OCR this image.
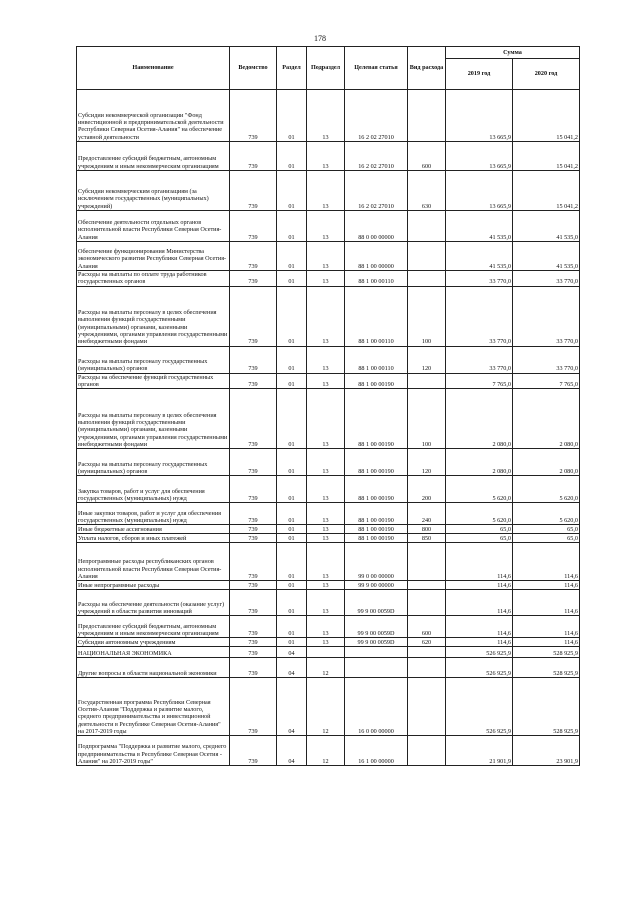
178
Наименование	Ведомство	Раздел	Подраздел	Целевая статья	Вид расхода	Сумма	
						2019 год	2020 год
Субсидии некоммерческой организации "Фонд инвестиционной и предпринимательской деятельности Республики Северная Осетия-Алания" на обеспечение уставной деятельности	739	01	13	16 2 02 27010		13 665,9	15 041,2
Предоставление субсидий бюджетным, автономным учреждениям и иным некоммерческим организациям	739	01	13	16 2 02 27010	600	13 665,9	15 041,2
Субсидии некоммерческим организациям (за исключением государственных (муниципальных) учреждений)	739	01	13	16 2 02 27010	630	13 665,9	15 041,2
Обеспечение деятельности отдельных органов исполнительной власти Республики Северная Осетия-Алания	739	01	13	88 0 00 00000		41 535,0	41 535,0
Обеспечение функционирования Министерства экономического развития Республики Северная Осетия-Алания	739	01	13	88 1 00 00000		41 535,0	41 535,0
Расходы на выплаты по оплате труда работников государственных органов	739	01	13	88 1 00 00110		33 770,0	33 770,0
Расходы на выплаты персоналу в целях обеспечения выполнения функций государственными (муниципальными) органами, казенными учреждениями, органами управления государственными внебюджетными фондами	739	01	13	88 1 00 00110	100	33 770,0	33 770,0
Расходы на выплаты персоналу государственных (муниципальных) органов	739	01	13	88 1 00 00110	120	33 770,0	33 770,0
Расходы на обеспечение функций государственных органов	739	01	13	88 1 00 00190		7 765,0	7 765,0
Расходы на выплаты персоналу в целях обеспечения выполнения функций государственными (муниципальными) органами, казенными учреждениями, органами управления государственными внебюджетными фондами	739	01	13	88 1 00 00190	100	2 080,0	2 080,0
Расходы на выплаты персоналу государственных (муниципальных) органов	739	01	13	88 1 00 00190	120	2 080,0	2 080,0
Закупка товаров, работ и услуг для обеспечения государственных (муниципальных) нужд	739	01	13	88 1 00 00190	200	5 620,0	5 620,0
Иные закупки товаров, работ и услуг для обеспечения государственных (муниципальных) нужд	739	01	13	88 1 00 00190	240	5 620,0	5 620,0
Иные бюджетные ассигнования	739	01	13	88 1 00 00190	800	65,0	65,0
Уплата налогов, сборов и иных платежей	739	01	13	88 1 00 00190	850	65,0	65,0
Непрограммные расходы республиканских органов исполнительной власти Республики Северная Осетия-Алания	739	01	13	99 0 00 00000		114,6	114,6
Иные непрограммные расходы	739	01	13	99 9 00 00000		114,6	114,6
Расходы на обеспечение деятельности (оказание услуг) учреждений в области развития инноваций	739	01	13	99 9 00 0059D		114,6	114,6
Предоставление субсидий бюджетным, автономным учреждениям и иным некоммерческим организациям	739	01	13	99 9 00 0059D	600	114,6	114,6
Субсидии автономным учреждениям	739	01	13	99 9 00 0059D	620	114,6	114,6
НАЦИОНАЛЬНАЯ ЭКОНОМИКА	739	04				526 925,9	528 925,9
Другие вопросы в области национальной экономики	739	04	12			526 925,9	528 925,9
Государственная программа Республики Северная Осетия-Алания "Поддержка и развитие малого, среднего предпринимательства и инвестиционной деятельности в Республике Северная Осетия-Алания" на 2017-2019 годы	739	04	12	16 0 00 00000		526 925,9	528 925,9
Подпрограмма "Поддержка и развитие малого, среднего предпринимательства в Республике Северная Осетия - Алания" на 2017-2019 годы"	739	04	12	16 1 00 00000		21 901,9	23 901,9
